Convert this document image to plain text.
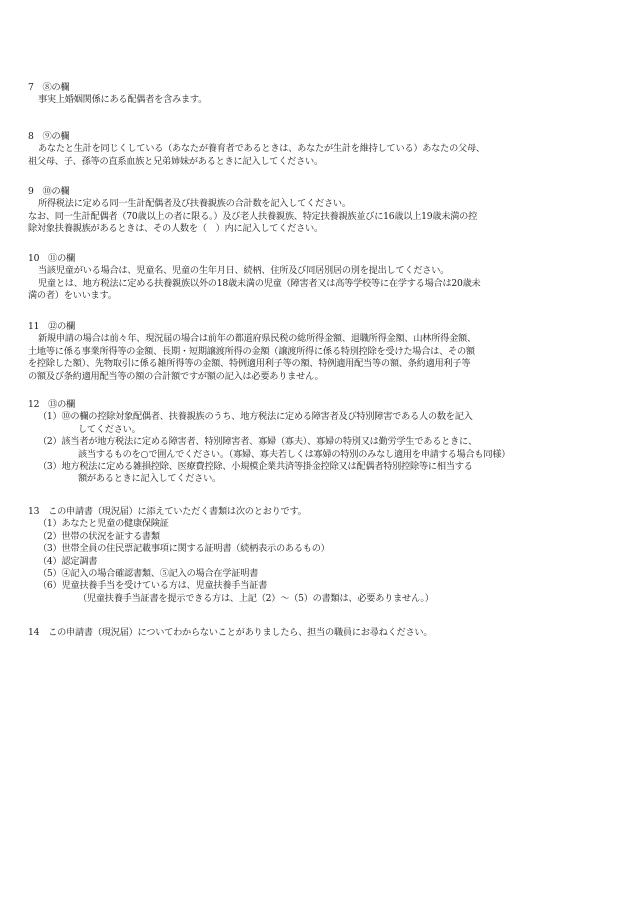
7　⑧の欄
事実上婚姻関係にある配偶者を含みます。
8　⑨の欄
あなたと生計を同じくしている（あなたが養育者であるときは、あなたが生計を維持している）あなたの父母、
祖父母、子、孫等の直系血族と兄弟姉妹があるときに記入してください。
9　⑩の欄
所得税法に定める同一生計配偶者及び扶養親族の合計数を記入してください。
なお、同一生計配偶者（70歳以上の者に限る。）及び老人扶養親族、特定扶養親族並びに16歳以上19歳未満の控
除対象扶養親族があるときは、その人数を（　）内に記入してください。
10　⑪の欄
当該児童がいる場合は、児童名、児童の生年月日、続柄、住所及び同居別居の別を提出してください。
児童とは、地方税法に定める扶養親族以外の18歳未満の児童（障害者又は高等学校等に在学する場合は20歳未
満の者）をいいます。
11　⑫の欄
新規申請の場合は前々年、現況届の場合は前年の都道府県民税の総所得金額、退職所得金額、山林所得金額、
土地等に係る事業所得等の金額、長期・短期譲渡所得の金額（譲渡所得に係る特別控除を受けた場合は、その額
を控除した額）、先物取引に係る雑所得等の金額、特例適用利子等の額、特例適用配当等の額、条約適用利子等
の額及び条約適用配当等の額の合計額ですが額の記入は必要ありません。
12　⑬の欄
（1）⑩の欄の控除対象配偶者、扶養親族のうち、地方税法に定める障害者及び特別障害である人の数を記入
してください。
（2）該当者が地方税法に定める障害者、特別障害者、寡婦（寡夫）、寡婦の特別又は勤労学生であるときに、
該当するものを○で囲んでください。（寡婦、寡夫若しくは寡婦の特別のみなし適用を申請する場合も同様）
（3）地方税法に定める雑損控除、医療費控除、小規模企業共済等掛金控除又は配偶者特別控除等に相当する
額があるときに記入してください。
13　この申請書（現況届）に添えていただく書類は次のとおりです。
（1）あなたと児童の健康保険証
（2）世帯の状況を証する書類
（3）世帯全員の住民票記載事項に関する証明書（続柄表示のあるもの）
（4）認定調書
（5）④記入の場合確認書類、⑤記入の場合在学証明書
（6）児童扶養手当を受けている方は、児童扶養手当証書
（児童扶養手当証書を提示できる方は、上記（2）～（5）の書類は、必要ありません。）
14　この申請書（現況届）についてわからないことがありましたら、担当の職員にお尋ねください。
